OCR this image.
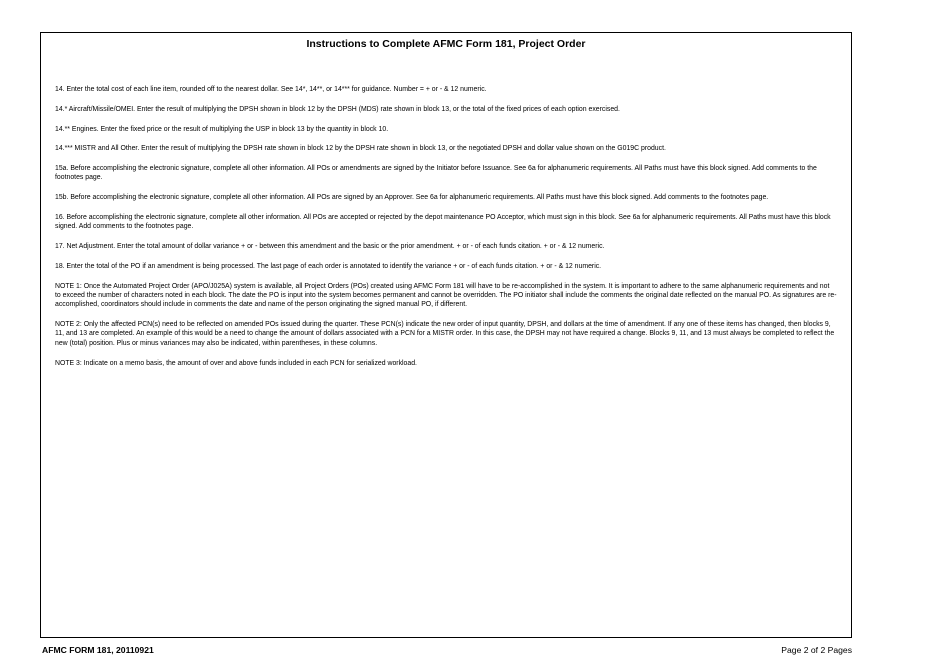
Instructions to Complete AFMC Form 181, Project Order

14. Enter the total cost of each line item, rounded off to the nearest dollar. See 14*, 14**, or 14*** for guidance. Number = + or - & 12 numeric.

14.* Aircraft/Missile/OMEI. Enter the result of multiplying the DPSH shown in block 12 by the DPSH (MDS) rate shown in block 13, or the total of the fixed prices of each option exercised.

14.** Engines. Enter the fixed price or the result of multiplying the USP in block 13 by the quantity in block 10.

14.*** MISTR and All Other. Enter the result of multiplying the DPSH rate shown in block 12 by the DPSH rate shown in block 13, or the negotiated DPSH and dollar value shown on the G019C product.

15a. Before accomplishing the electronic signature, complete all other information. All POs or amendments are signed by the Initiator before Issuance. See 6a for alphanumeric requirements. All Paths must have this block signed. Add comments to the footnotes page.

15b. Before accomplishing the electronic signature, complete all other information. All POs are signed by an Approver. See 6a for alphanumeric requirements. All Paths must have this block signed. Add comments to the footnotes page.

16. Before accomplishing the electronic signature, complete all other information. All POs are accepted or rejected by the depot maintenance PO Acceptor, which must sign in this block. See 6a for alphanumeric requirements. All Paths must have this block signed. Add comments to the footnotes page.

17. Net Adjustment. Enter the total amount of dollar variance + or - between this amendment and the basic or the prior amendment. + or - of each funds citation. + or - & 12 numeric.

18. Enter the total of the PO if an amendment is being processed. The last page of each order is annotated to identify the variance + or - of each funds citation. + or - & 12 numeric.

NOTE 1: Once the Automated Project Order (APO/J025A) system is available, all Project Orders (POs) created using AFMC Form 181 will have to be re-accomplished in the system. It is important to adhere to the same alphanumeric requirements and not to exceed the number of characters noted in each block. The date the PO is input into the system becomes permanent and cannot be overridden. The PO initiator shall include the comments the original date reflected on the manual PO. As signatures are re-accomplished, coordinators should include in comments the date and name of the person originating the signed manual PO, if different.

NOTE 2: Only the affected PCN(s) need to be reflected on amended POs issued during the quarter. These PCN(s) indicate the new order of input quantity, DPSH, and dollars at the time of amendment. If any one of these items has changed, then blocks 9, 11, and 13 are completed. An example of this would be a need to change the amount of dollars associated with a PCN for a MISTR order. In this case, the DPSH may not have required a change. Blocks 9, 11, and 13 must always be completed to reflect the new (total) position. Plus or minus variances may also be indicated, within parentheses, in these columns.

NOTE 3: Indicate on a memo basis, the amount of over and above funds included in each PCN for serialized workload.

AFMC FORM 181, 20110921	Page 2 of 2 Pages
